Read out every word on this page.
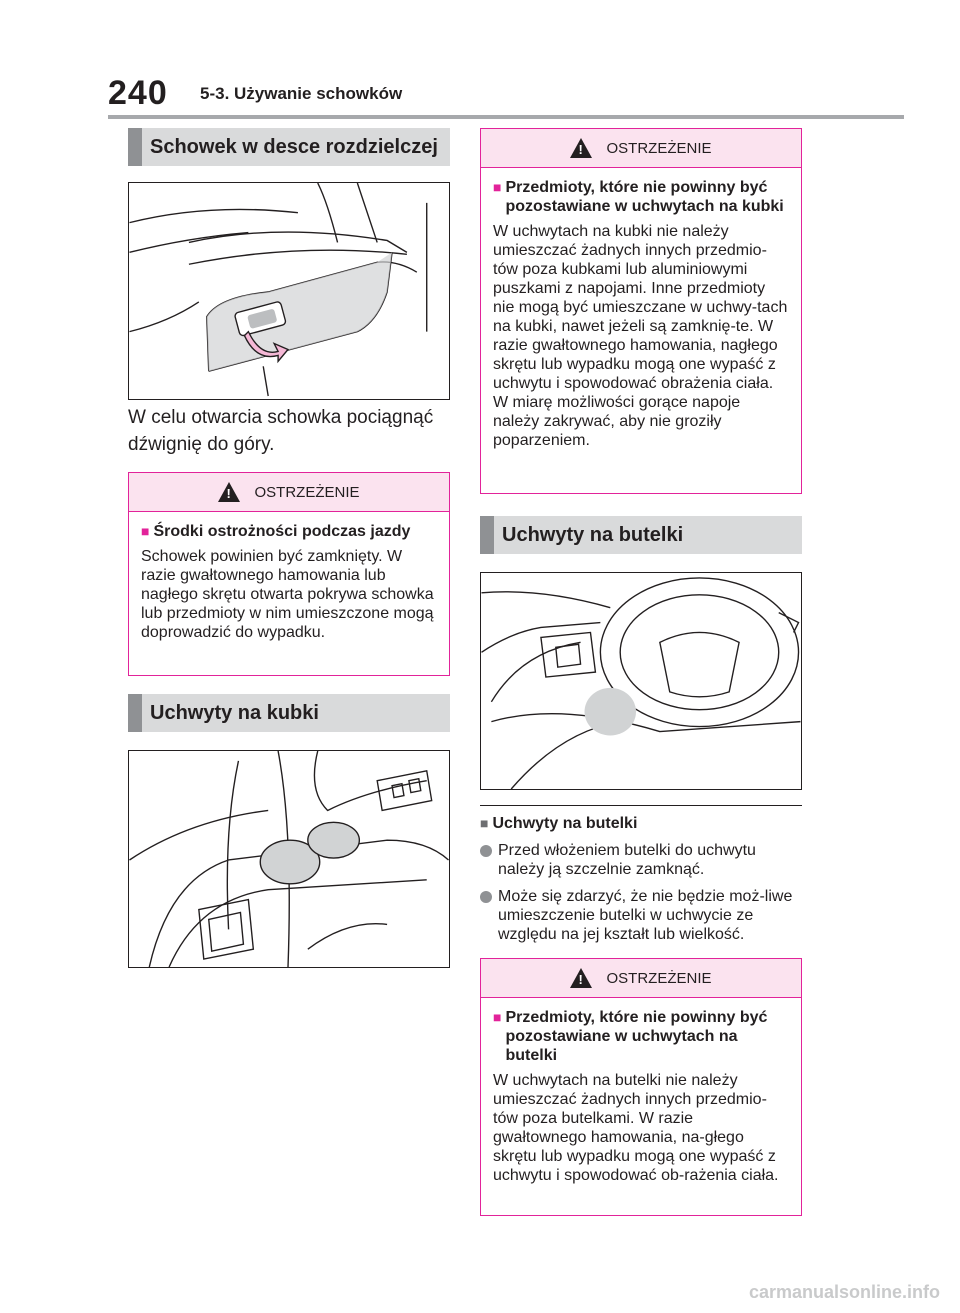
240 5-3. Używanie schowków
Schowek w desce rozdzielczej
W celu otwarcia schowka pociągnąć dźwignię do góry.
!
OSTRZEŻENIE
■ Środki ostrożności podczas jazdy

Schowek powinien być zamknięty. W razie gwałtownego hamowania lub nagłego skrętu otwarta pokrywa schowka lub przedmioty w nim umieszczone mogą doprowadzić do wypadku.

Uchwyty na kubki
!
OSTRZEŻENIE
■ Przedmioty, które nie powinny być pozostawiane w uchwytach na kubki

W uchwytach na kubki nie należy umieszczać żadnych innych przedmio-tów poza kubkami lub aluminiowymi puszkami z napojami. Inne przedmioty nie mogą być umieszczane w uchwy-tach na kubki, nawet jeżeli są zamknię-te. W razie gwałtownego hamowania, nagłego skrętu lub wypadku mogą one wypaść z uchwytu i spowodować obrażenia ciała. W miarę możliwości gorące napoje należy zakrywać, aby nie groziły poparzeniem.

Uchwyty na butelki
■ Uchwyty na butelki
Przed włożeniem butelki do uchwytu należy ją szczelnie zamknąć.
Może się zdarzyć, że nie będzie moż-liwe umieszczenie butelki w uchwycie ze względu na jej kształt lub wielkość.
!
OSTRZEŻENIE
■ Przedmioty, które nie powinny być pozostawiane w uchwytach na butelki

W uchwytach na butelki nie należy umieszczać żadnych innych przedmio-tów poza butelkami. W razie gwałtownego hamowania, na-głego skrętu lub wypadku mogą one wypaść z uchwytu i spowodować ob-rażenia ciała.

carmanualsonline.info
